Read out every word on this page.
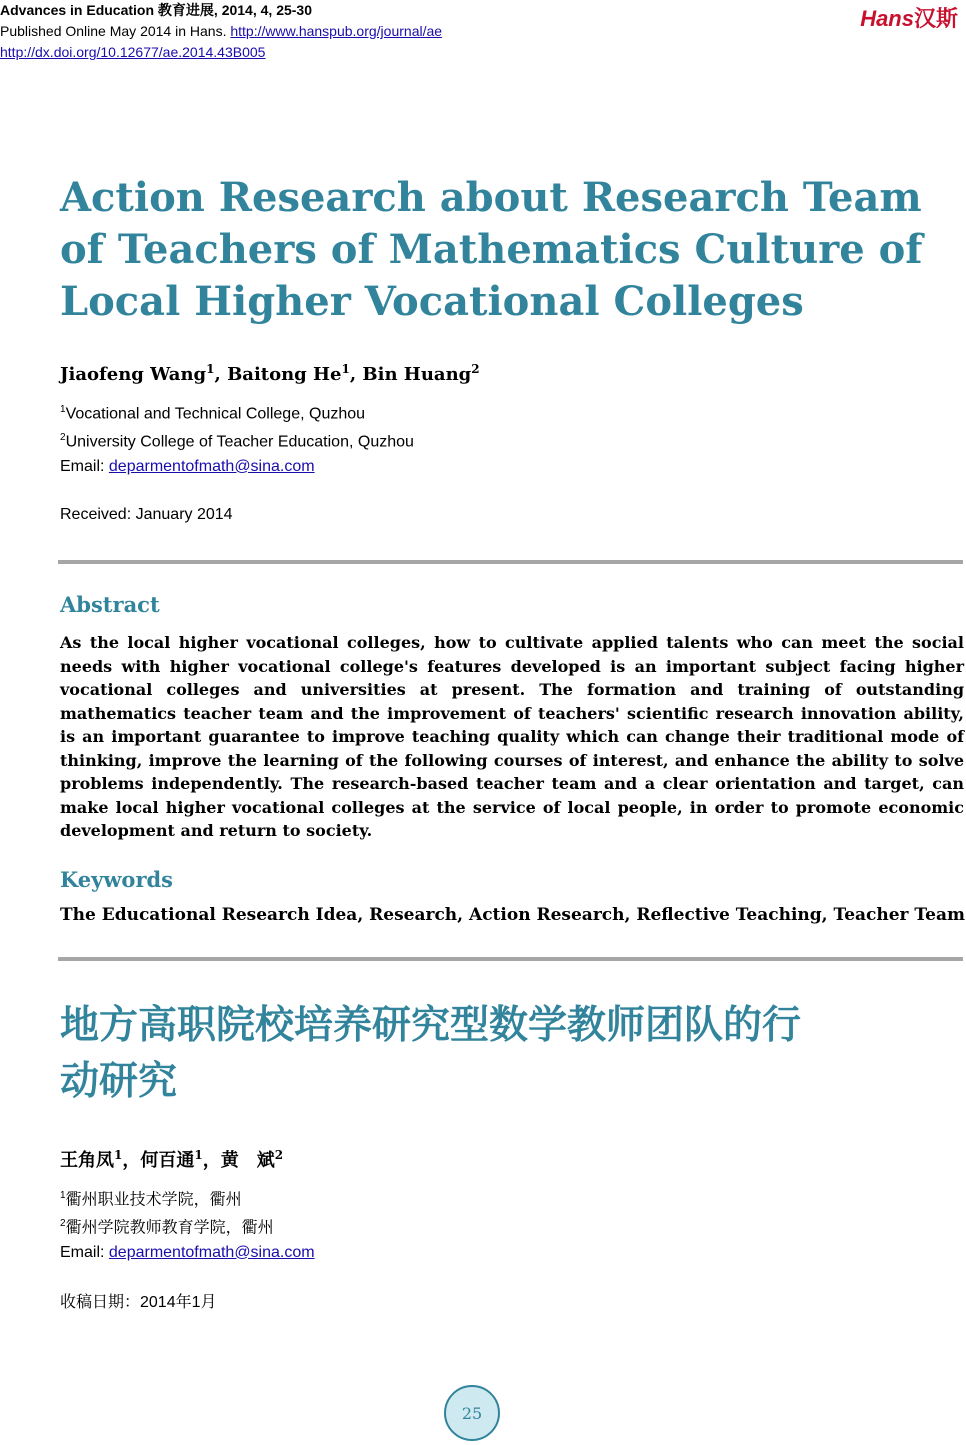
Advances in Education 教育进展, 2014, 4, 25-30
Published Online May 2014 in Hans. http://www.hanspub.org/journal/ae
http://dx.doi.org/10.12677/ae.2014.43B005
Hans汉斯
Action Research about Research Team of Teachers of Mathematics Culture of Local Higher Vocational Colleges
Jiaofeng Wang$^1$, Baitong He$^1$, Bin Huang$^2$
$^1$Vocational and Technical College, Quzhou
$^2$University College of Teacher Education, Quzhou
Email: deparmentofmath@sina.com
Received: January 2014
Abstract

As the local higher vocational colleges, how to cultivate applied talents who can meet the social needs with higher vocational college's features developed is an important subject facing higher vocational colleges and universities at present. The formation and training of outstanding mathematics teacher team and the improvement of teachers' scientific research innovation ability, is an important guarantee to improve teaching quality which can change their traditional mode of thinking, improve the learning of the following courses of interest, and enhance the ability to solve problems independently. The research-based teacher team and a clear orientation and target, can make local higher vocational colleges at the service of local people, in order to promote economic development and return to society.

Keywords
The Educational Research Idea, Research, Action Research, Reflective Teaching, Teacher Team
地方高职院校培养研究型数学教师团队的行动研究
王角凤$^1$，何百通$^1$，黄　斌$^2$
$^1$衢州职业技术学院，衢州
$^2$衢州学院教师教育学院，衢州
Email: deparmentofmath@sina.com
收稿日期：2014年1月
25
